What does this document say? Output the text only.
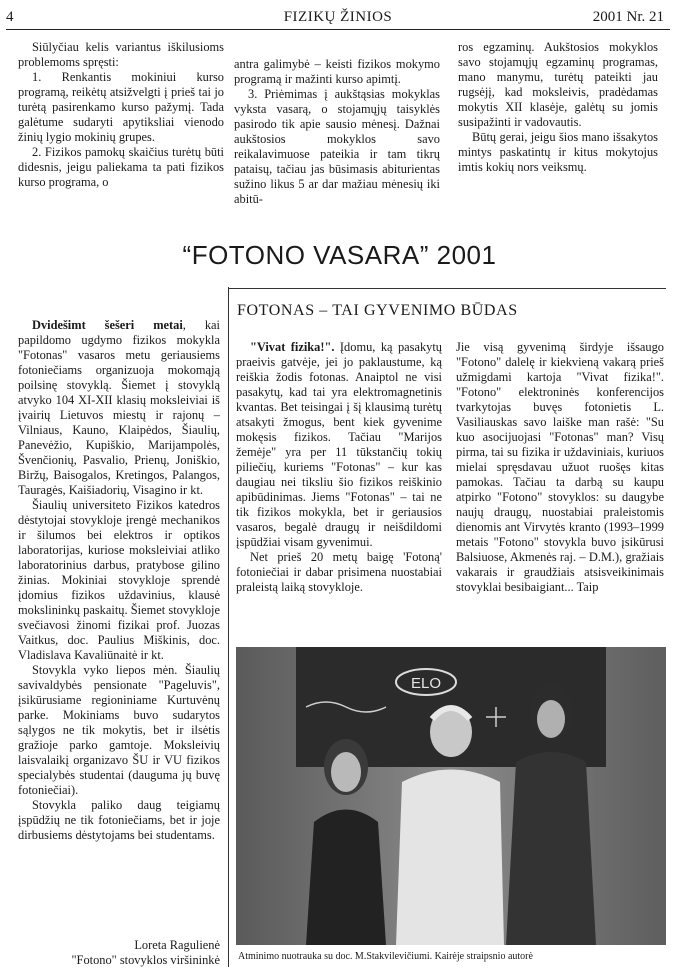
4	FIZIKŲ ŽINIOS	2001 Nr. 21

Siūlyčiau kelis variantus iškilusioms problemoms spręsti:

1. Renkantis mokiniui kurso programą, reikėtų atsižvelgti į prieš tai jo turėtą pasirenkamo kurso pažymį. Tada galėtume sudaryti apytiksliai vienodo žinių lygio mokinių grupes.

2. Fizikos pamokų skaičius turėtų būti didesnis, jeigu paliekama ta pati fizikos kurso programa, o

antra galimybė – keisti fizikos mokymo programą ir mažinti kurso apimtį.

3. Priėmimas į aukštąsias mokyklas vyksta vasarą, o stojamųjų taisyklės pasirodo tik apie sausio mėnesį. Dažnai aukštosios mokyklos savo reikalavimuose pateikia ir tam tikrų pataisų, tačiau jas būsimasis abiturientas sužino likus 5 ar dar mažiau mėnesių iki abitū-

ros egzaminų. Aukštosios mokyklos savo stojamųjų egzaminų programas, mano manymu, turėtų pateikti jau rugsėjį, kad moksleivis, pradėdamas mokytis XII klasėje, galėtų su jomis susipažinti ir vadovautis.

Būtų gerai, jeigu šios mano išsakytos mintys paskatintų ir kitus mokytojus imtis kokių nors veiksmų.

“FOTONO VASARA” 2001

Dvidešimt šešeri metai, kai papildomo ugdymo fizikos mokykla "Fotonas" vasaros metu geriausiems fotoniečiams organizuoja mokomąją poilsinę stovyklą. Šiemet į stovyklą atvyko 104 XI-XII klasių moksleiviai iš įvairių Lietuvos miestų ir rajonų – Vilniaus, Kauno, Klaipėdos, Šiaulių, Panevėžio, Kupiškio, Marijampolės, Švenčionių, Pasvalio, Prienų, Joniškio, Biržų, Baisogalos, Kretingos, Palangos, Tauragės, Kaišiadorių, Visagino ir kt.

Šiaulių universiteto Fizikos katedros dėstytojai stovykloje įrengė mechanikos ir šilumos bei elektros ir optikos laboratorijas, kuriose moksleiviai atliko laboratorinius darbus, pratybose gilino žinias. Mokiniai stovykloje sprendė įdomius fizikos uždavinius, klausė mokslininkų paskaitų. Šiemet stovykloje svečiavosi žinomi fizikai prof. Juozas Vaitkus, doc. Paulius Miškinis, doc. Vladislava Kavaliūnaitė ir kt.

Stovykla vyko liepos mėn. Šiaulių savivaldybės pensionate "Pageluvis", įsikūrusiame regioniniame Kurtuvėnų parke. Mokiniams buvo sudarytos sąlygos ne tik mokytis, bet ir ilsėtis gražioje parko gamtoje. Moksleivių laisvalaikį organizavo ŠU ir VU fizikos specialybės studentai (dauguma jų buvę fotoniečiai).

Stovykla paliko daug teigiamų įspūdžių ne tik fotoniečiams, bet ir joje dirbusiems dėstytojams bei studentams.

Loreta Ragulienė
"Fotono" stovyklos viršininkė
FOTONAS – TAI GYVENIMO BŪDAS

"Vivat fizika!". Įdomu, ką pasakytų praeivis gatvėje, jei jo paklaustume, ką reiškia žodis fotonas. Anaiptol ne visi pasakytų, kad tai yra elektromagnetinis kvantas. Bet teisingai į šį klausimą turėtų atsakyti žmogus, bent kiek gyvenime mokęsis fizikos. Tačiau "Marijos žemėje" yra per 11 tūkstančių tokių piliečių, kuriems "Fotonas" – kur kas daugiau nei tiksliu šio fizikos reiškinio apibūdinimas. Jiems "Fotonas" – tai ne tik fizikos mokykla, bet ir geriausios vasaros, begalė draugų ir neišdildomi įspūdžiai visam gyvenimui.

Net prieš 20 metų baigę 'Fotoną' fotoniečiai ir dabar prisimena nuostabiai praleistą laiką stovykloje.

Jie visą gyvenimą širdyje išsaugo "Fotono" dalelę ir kiekvieną vakarą prieš užmigdami kartoja "Vivat fizika!". "Fotono" elektroninės konferencijos tvarkytojas buvęs fotonietis L. Vasiliauskas savo laiške man rašė: "Su kuo asocijuojasi "Fotonas" man? Visų pirma, tai su fizika ir uždaviniais, kuriuos mielai spręsdavau užuot ruošęs kitas pamokas. Tačiau ta darbą su kaupu atpirko "Fotono" stovyklos: su daugybe naujų draugų, nuostabiai praleistomis dienomis ant Virvytės kranto (1993–1999 metais "Fotono" stovykla buvo įsikūrusi Balsiuose, Akmenės raj. – D.M.), gražiais vakarais ir graudžiais atsisveikinimais stovyklai besibaigiant... Taip

ELO
Atminimo nuotrauka su doc. M.Stakvilevičiumi. Kairėje straipsnio autorė
